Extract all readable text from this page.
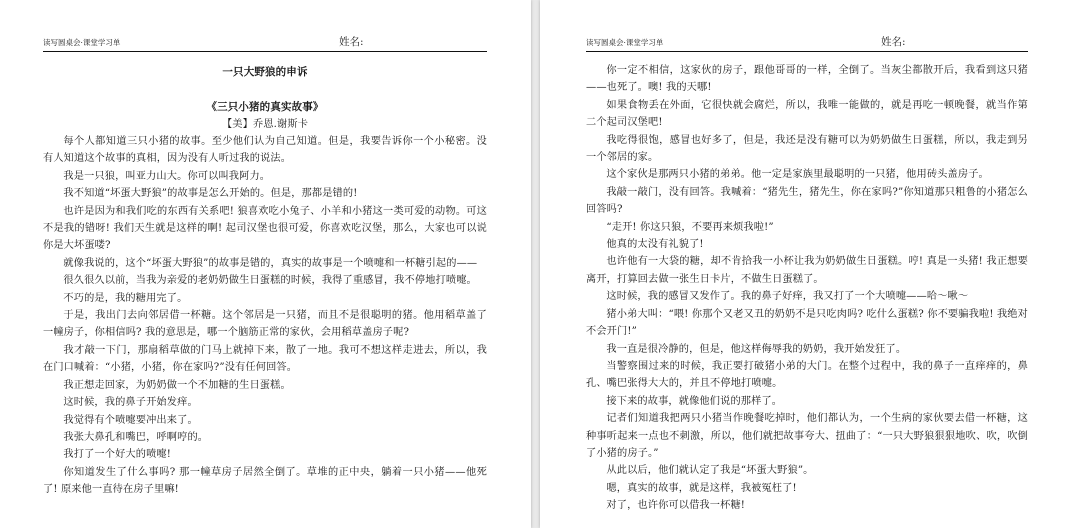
读写圆桌会·课堂学习单	姓名:
一只大野狼的申诉
《三只小猪的真实故事》
【美】乔恩.谢斯卡

每个人都知道三只小猪的故事。至少他们认为自己知道。但是，我要告诉你一个小秘密。没有人知道这个故事的真相，因为没有人听过我的说法。

我是一只狼，叫亚力山大。你可以叫我阿力。

我不知道“坏蛋大野狼”的故事是怎么开始的。但是，那都是错的!

也许是因为和我们吃的东西有关系吧! 狼喜欢吃小兔子、小羊和小猪这一类可爱的动物。可这不是我的错呀! 我们天生就是这样的啊! 起司汉堡也很可爱，你喜欢吃汉堡，那么，大家也可以说你是大坏蛋喽?

就像我说的，这个“坏蛋大野狼”的故事是错的，真实的故事是一个喷嚏和一杯糖引起的——

很久很久以前，当我为亲爱的老奶奶做生日蛋糕的时候，我得了重感冒，我不停地打喷嚏。

不巧的是，我的糖用完了。

于是，我出门去向邻居借一杯糖。这个邻居是一只猪，而且不是很聪明的猪。他用稻草盖了一幢房子，你相信吗? 我的意思是，哪一个脑筋正常的家伙，会用稻草盖房子呢?

我才敲一下门，那扇稻草做的门马上就掉下来，散了一地。我可不想这样走进去，所以，我在门口喊着：“小猪，小猪，你在家吗?”没有任何回答。

我正想走回家，为奶奶做一个不加糖的生日蛋糕。

这时候，我的鼻子开始发痒。

我觉得有个喷嚏要冲出来了。

我张大鼻孔和嘴巴，呼啊哼的。

我打了一个好大的喷嚏!

你知道发生了什么事吗? 那一幢草房子居然全倒了。草堆的正中央，躺着一只小猪——他死了! 原来他一直待在房子里嘛!

读写圆桌会·课堂学习单	姓名:

你一定不相信，这家伙的房子，跟他哥哥的一样，全倒了。当灰尘都散开后，我看到这只猪——也死了。噢! 我的天哪!

如果食物丢在外面，它很快就会腐烂，所以，我唯一能做的，就是再吃一顿晚餐，就当作第二个起司汉堡吧!

我吃得很饱，感冒也好多了，但是，我还是没有糖可以为奶奶做生日蛋糕，所以，我走到另一个邻居的家。

这个家伙是那两只小猪的弟弟。他一定是家族里最聪明的一只猪，他用砖头盖房子。

我敲一敲门，没有回答。我喊着：“猪先生，猪先生，你在家吗?”你知道那只粗鲁的小猪怎么回答吗?

“走开! 你这只狼，不要再来烦我啦!”

他真的太没有礼貌了!

也许他有一大袋的糖，却不肯拾我一小杯让我为奶奶做生日蛋糕。哼! 真是一头猪! 我正想要离开，打算回去做一张生日卡片，不做生日蛋糕了。

这时候，我的感冒又发作了。我的鼻子好痒，我又打了一个大喷嚏——哈～啾～

猪小弟大叫：“喂! 你那个又老又丑的奶奶不是只吃肉吗? 吃什么蛋糕? 你不要骗我啦! 我绝对不会开门!”

我一直是很冷静的，但是，他这样侮辱我的奶奶，我开始发狂了。

当警察围过来的时候，我正要打破猪小弟的大门。在整个过程中，我的鼻子一直痒痒的，鼻孔、嘴巴张得大大的，并且不停地打喷嚏。

接下来的故事，就像他们说的那样了。

记者们知道我把两只小猪当作晚餐吃掉时，他们都认为，一个生病的家伙要去借一杯糖，这种事听起来一点也不刺激，所以，他们就把故事夸大、扭曲了：“一只大野狼狠狠地吹、吹，吹倒了小猪的房子。”

从此以后，他们就认定了我是“坏蛋大野狼”。

嗯，真实的故事，就是这样，我被冤枉了!

对了，也许你可以借我一杯糖!
